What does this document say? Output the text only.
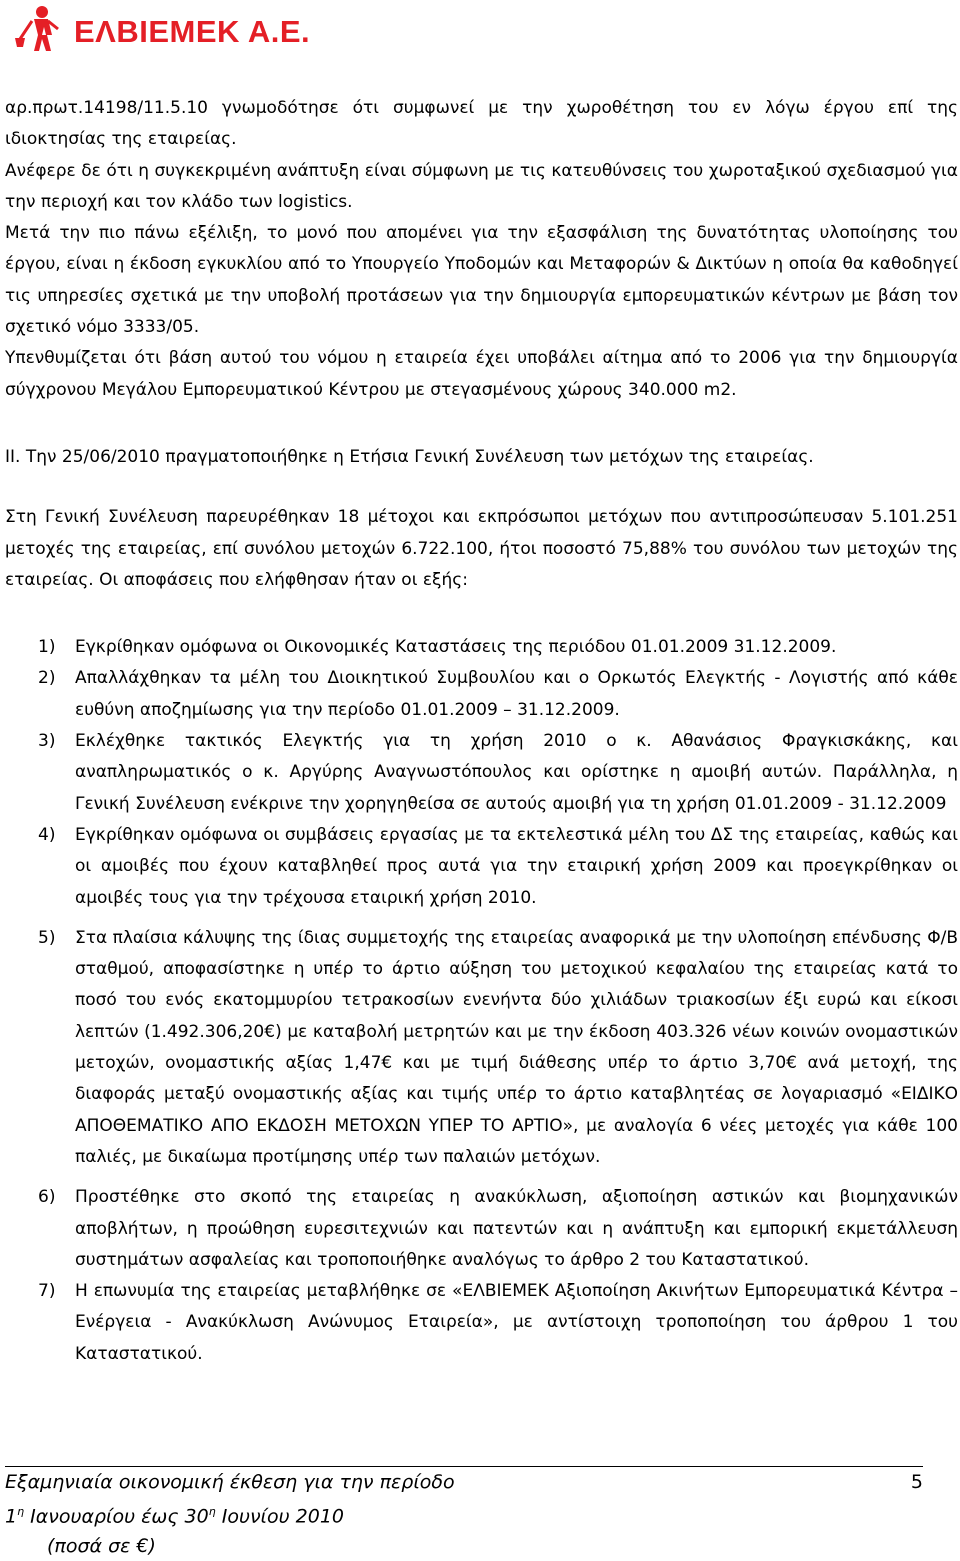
ΕΛΒΙΕΜΕΚ Α.Ε.

αρ.πρωτ.14198/11.5.10 γνωμοδότησε ότι συμφωνεί με την χωροθέτηση του εν λόγω έργου επί της ιδιοκτησίας της εταιρείας.

Ανέφερε δε ότι η συγκεκριμένη ανάπτυξη είναι σύμφωνη με τις κατευθύνσεις του χωροταξικού σχεδιασμού για την περιοχή και τον κλάδο των logistics.

Μετά την πιο πάνω εξέλιξη, το μονό που απομένει για την εξασφάλιση της δυνατότητας υλοποίησης του έργου, είναι η έκδοση εγκυκλίου από το Υπουργείο Υποδομών και Μεταφορών & Δικτύων η οποία θα καθοδηγεί τις υπηρεσίες σχετικά με την υποβολή προτάσεων για την δημιουργία εμπορευματικών κέντρων με βάση τον σχετικό νόμο 3333/05.

Υπενθυμίζεται ότι βάση αυτού του νόμου η εταιρεία έχει υποβάλει αίτημα από το 2006 για την δημιουργία σύγχρονου Μεγάλου Εμπορευματικού Κέντρου με στεγασμένους χώρους 340.000 m2.

ΙΙ. Την 25/06/2010 πραγματοποιήθηκε η Ετήσια Γενική Συνέλευση των μετόχων της εταιρείας.

Στη Γενική Συνέλευση παρευρέθηκαν 18 μέτοχοι και εκπρόσωποι μετόχων που αντιπροσώπευσαν 5.101.251 μετοχές της εταιρείας, επί συνόλου μετοχών 6.722.100, ήτοι ποσοστό 75,88% του συνόλου των μετοχών της εταιρείας. Οι αποφάσεις που ελήφθησαν ήταν οι εξής:

1)	Εγκρίθηκαν ομόφωνα οι Οικονομικές Καταστάσεις της περιόδου 01.01.2009 31.12.2009.
2)	Απαλλάχθηκαν τα μέλη του Διοικητικού Συμβουλίου και ο Ορκωτός Ελεγκτής - Λογιστής από κάθε ευθύνη αποζημίωσης για την περίοδο 01.01.2009 – 31.12.2009.
3)	Εκλέχθηκε τακτικός Ελεγκτής για τη χρήση 2010 ο κ. Αθανάσιος Φραγκισκάκης, και αναπληρωματικός ο κ. Αργύρης Αναγνωστόπουλος και ορίστηκε η αμοιβή αυτών. Παράλληλα, η Γενική Συνέλευση ενέκρινε την χορηγηθείσα σε αυτούς αμοιβή για τη χρήση 01.01.2009 - 31.12.2009
4)	Εγκρίθηκαν ομόφωνα οι συμβάσεις εργασίας με τα εκτελεστικά μέλη του ΔΣ της εταιρείας, καθώς και οι αμοιβές που έχουν καταβληθεί προς αυτά για την εταιρική χρήση 2009 και προεγκρίθηκαν οι αμοιβές τους για την τρέχουσα εταιρική χρήση 2010.
5)	Στα πλαίσια κάλυψης της ίδιας συμμετοχής της εταιρείας αναφορικά με την υλοποίηση επένδυσης Φ/Β σταθμού, αποφασίστηκε η υπέρ το άρτιο αύξηση του μετοχικού κεφαλαίου της εταιρείας κατά το ποσό του ενός εκατομμυρίου τετρακοσίων ενενήντα δύο χιλιάδων τριακοσίων έξι ευρώ και είκοσι λεπτών (1.492.306,20€) με καταβολή μετρητών και με την έκδοση 403.326 νέων κοινών ονομαστικών μετοχών, ονομαστικής αξίας 1,47€ και με τιμή διάθεσης υπέρ το άρτιο 3,70€ ανά μετοχή, της διαφοράς μεταξύ ονομαστικής αξίας και τιμής υπέρ το άρτιο καταβλητέας σε λογαριασμό «ΕΙΔΙΚΟ ΑΠΟΘΕΜΑΤΙΚΟ ΑΠΟ ΕΚΔΟΣΗ ΜΕΤΟΧΩΝ ΥΠΕΡ ΤΟ ΑΡΤΙΟ», με αναλογία 6 νέες μετοχές για κάθε 100 παλιές, με δικαίωμα προτίμησης υπέρ των παλαιών μετόχων.
6)	Προστέθηκε στο σκοπό της εταιρείας η ανακύκλωση, αξιοποίηση αστικών και βιομηχανικών αποβλήτων, η προώθηση ευρεσιτεχνιών και πατεντών και η ανάπτυξη και εμπορική εκμετάλλευση συστημάτων ασφαλείας και τροποποιήθηκε αναλόγως το άρθρο 2 του Καταστατικού.
7)	Η επωνυμία της εταιρείας μεταβλήθηκε σε «ΕΛΒΙΕΜΕΚ Αξιοποίηση Ακινήτων Εμπορευματικά Κέντρα – Ενέργεια - Ανακύκλωση Ανώνυμος Εταιρεία», με αντίστοιχη τροποποίηση του άρθρου 1 του Καταστατικού.
Εξαμηνιαία οικονομική έκθεση για την περίοδο	5
$1^\eta$ Ιανουαρίου έως $30^\eta$ Ιουνίου 2010
(ποσά σε €)
